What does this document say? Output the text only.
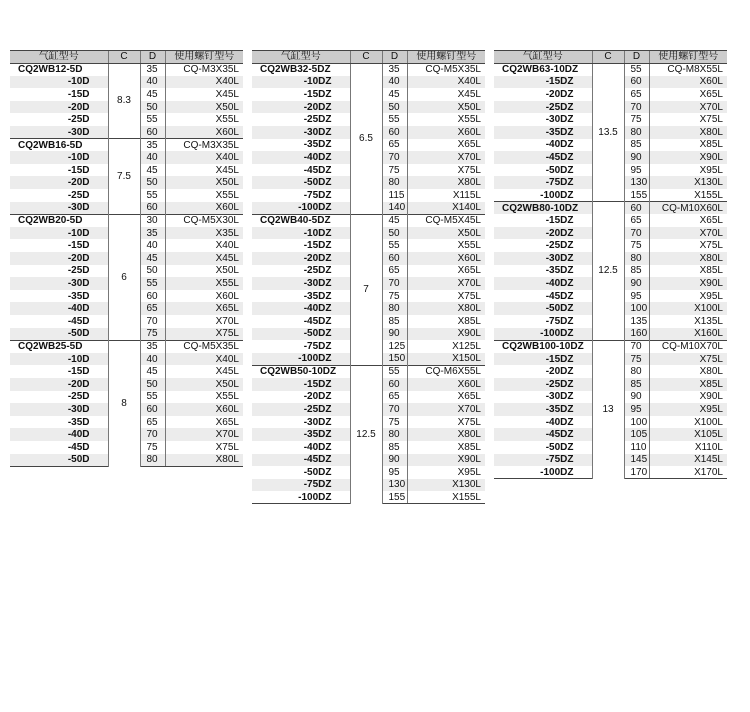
气缸型号	C	D	使用螺钉型号
CQ2WB12-5D	8.3	35	CQ-M3X35L
-10D		40	X40L
-15D		45	X45L
-20D		50	X50L
-25D		55	X55L
-30D		60	X60L
CQ2WB16-5D	7.5	35	CQ-M3X35L
-10D		40	X40L
-15D		45	X45L
-20D		50	X50L
-25D		55	X55L
-30D		60	X60L
CQ2WB20-5D	6	30	CQ-M5X30L
-10D		35	X35L
-15D		40	X40L
-20D		45	X45L
-25D		50	X50L
-30D		55	X55L
-35D		60	X60L
-40D		65	X65L
-45D		70	X70L
-50D		75	X75L
CQ2WB25-5D	8	35	CQ-M5X35L
-10D		40	X40L
-15D		45	X45L
-20D		50	X50L
-25D		55	X55L
-30D		60	X60L
-35D		65	X65L
-40D		70	X70L
-45D		75	X75L
-50D		80	X80L
气缸型号	C	D	使用螺钉型号
CQ2WB32-5DZ	6.5	35	CQ-M5X35L
-10DZ		40	X40L
-15DZ		45	X45L
-20DZ		50	X50L
-25DZ		55	X55L
-30DZ		60	X60L
-35DZ		65	X65L
-40DZ		70	X70L
-45DZ		75	X75L
-50DZ		80	X80L
-75DZ		115	X115L
-100DZ		140	X140L
CQ2WB40-5DZ	7	45	CQ-M5X45L
-10DZ		50	X50L
-15DZ		55	X55L
-20DZ		60	X60L
-25DZ		65	X65L
-30DZ		70	X70L
-35DZ		75	X75L
-40DZ		80	X80L
-45DZ		85	X85L
-50DZ		90	X90L
-75DZ		125	X125L
-100DZ		150	X150L
CQ2WB50-10DZ	12.5	55	CQ-M6X55L
-15DZ		60	X60L
-20DZ		65	X65L
-25DZ		70	X70L
-30DZ		75	X75L
-35DZ		80	X80L
-40DZ		85	X85L
-45DZ		90	X90L
-50DZ		95	X95L
-75DZ		130	X130L
-100DZ		155	X155L
气缸型号	C	D	使用螺钉型号
CQ2WB63-10DZ	13.5	55	CQ-M8X55L
-15DZ		60	X60L
-20DZ		65	X65L
-25DZ		70	X70L
-30DZ		75	X75L
-35DZ		80	X80L
-40DZ		85	X85L
-45DZ		90	X90L
-50DZ		95	X95L
-75DZ		130	X130L
-100DZ		155	X155L
CQ2WB80-10DZ	12.5	60	CQ-M10X60L
-15DZ		65	X65L
-20DZ		70	X70L
-25DZ		75	X75L
-30DZ		80	X80L
-35DZ		85	X85L
-40DZ		90	X90L
-45DZ		95	X95L
-50DZ		100	X100L
-75DZ		135	X135L
-100DZ		160	X160L
CQ2WB100-10DZ	13	70	CQ-M10X70L
-15DZ		75	X75L
-20DZ		80	X80L
-25DZ		85	X85L
-30DZ		90	X90L
-35DZ		95	X95L
-40DZ		100	X100L
-45DZ		105	X105L
-50DZ		110	X110L
-75DZ		145	X145L
-100DZ		170	X170L
